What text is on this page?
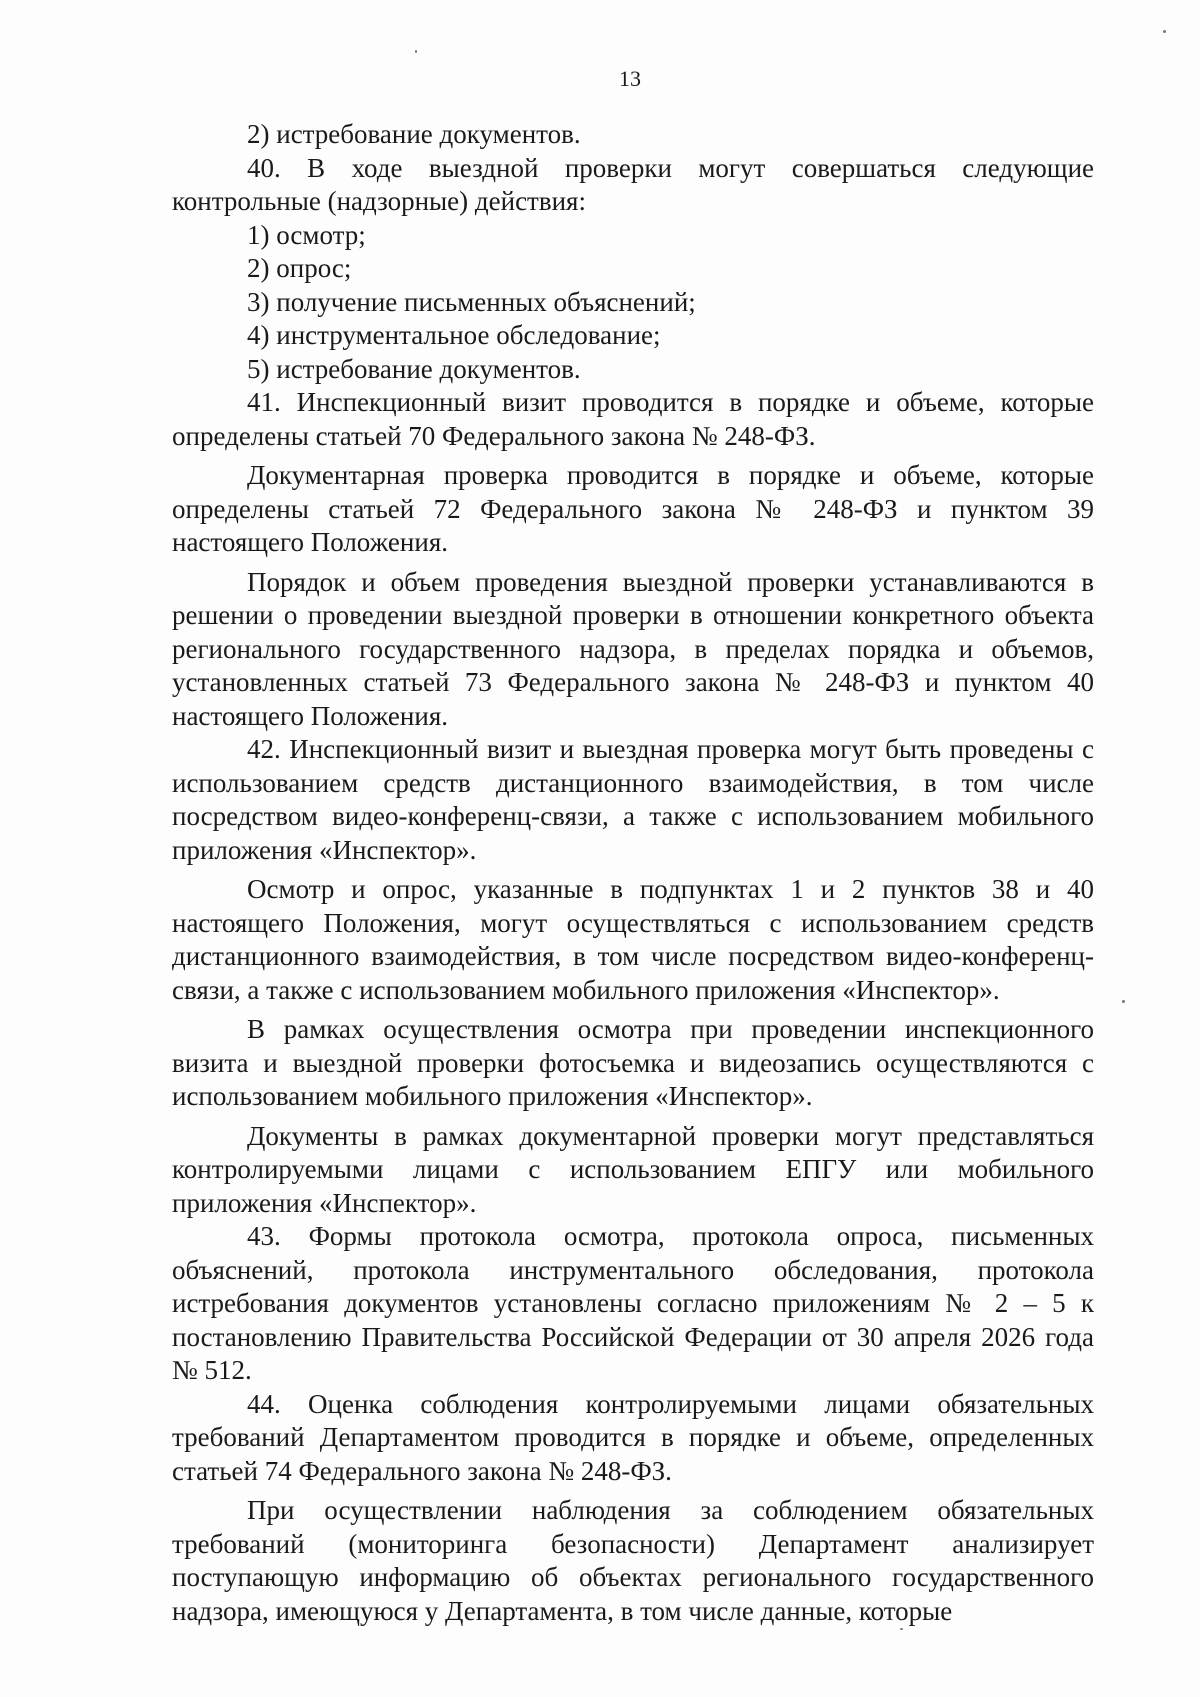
13

2) истребование документов.

40. В ходе выездной проверки могут совершаться следующие контрольные (надзорные) действия:

1) осмотр;

2) опрос;

3) получение письменных объяснений;

4) инструментальное обследование;

5) истребование документов.

41. Инспекционный визит проводится в порядке и объеме, которые определены статьей 70 Федерального закона № 248-ФЗ.

Документарная проверка проводится в порядке и объеме, которые определены статьей 72 Федерального закона № 248-ФЗ и пунктом 39 настоящего Положения.

Порядок и объем проведения выездной проверки устанавливаются в решении о проведении выездной проверки в отношении конкретного объекта регионального государственного надзора, в пределах порядка и объемов, установленных статьей 73 Федерального закона № 248-ФЗ и пунктом 40 настоящего Положения.

42. Инспекционный визит и выездная проверка могут быть проведены с использованием средств дистанционного взаимодействия, в том числе посредством видео-конференц-связи, а также с использованием мобильного приложения «Инспектор».

Осмотр и опрос, указанные в подпунктах 1 и 2 пунктов 38 и 40 настоящего Положения, могут осуществляться с использованием средств дистанционного взаимодействия, в том числе посредством видео-конференц-связи, а также с использованием мобильного приложения «Инспектор».

В рамках осуществления осмотра при проведении инспекционного визита и выездной проверки фотосъемка и видеозапись осуществляются с использованием мобильного приложения «Инспектор».

Документы в рамках документарной проверки могут представляться контролируемыми лицами с использованием ЕПГУ или мобильного приложения «Инспектор».

43. Формы протокола осмотра, протокола опроса, письменных объяснений, протокола инструментального обследования, протокола истребования документов установлены согласно приложениям № 2 – 5 к постановлению Правительства Российской Федерации от 30 апреля 2026 года № 512.

44. Оценка соблюдения контролируемыми лицами обязательных требований Департаментом проводится в порядке и объеме, определенных статьей 74 Федерального закона № 248-ФЗ.

При осуществлении наблюдения за соблюдением обязательных требований (мониторинга безопасности) Департамент анализирует поступающую информацию об объектах регионального государственного надзора, имеющуюся у Департамента, в том числе данные, которые
